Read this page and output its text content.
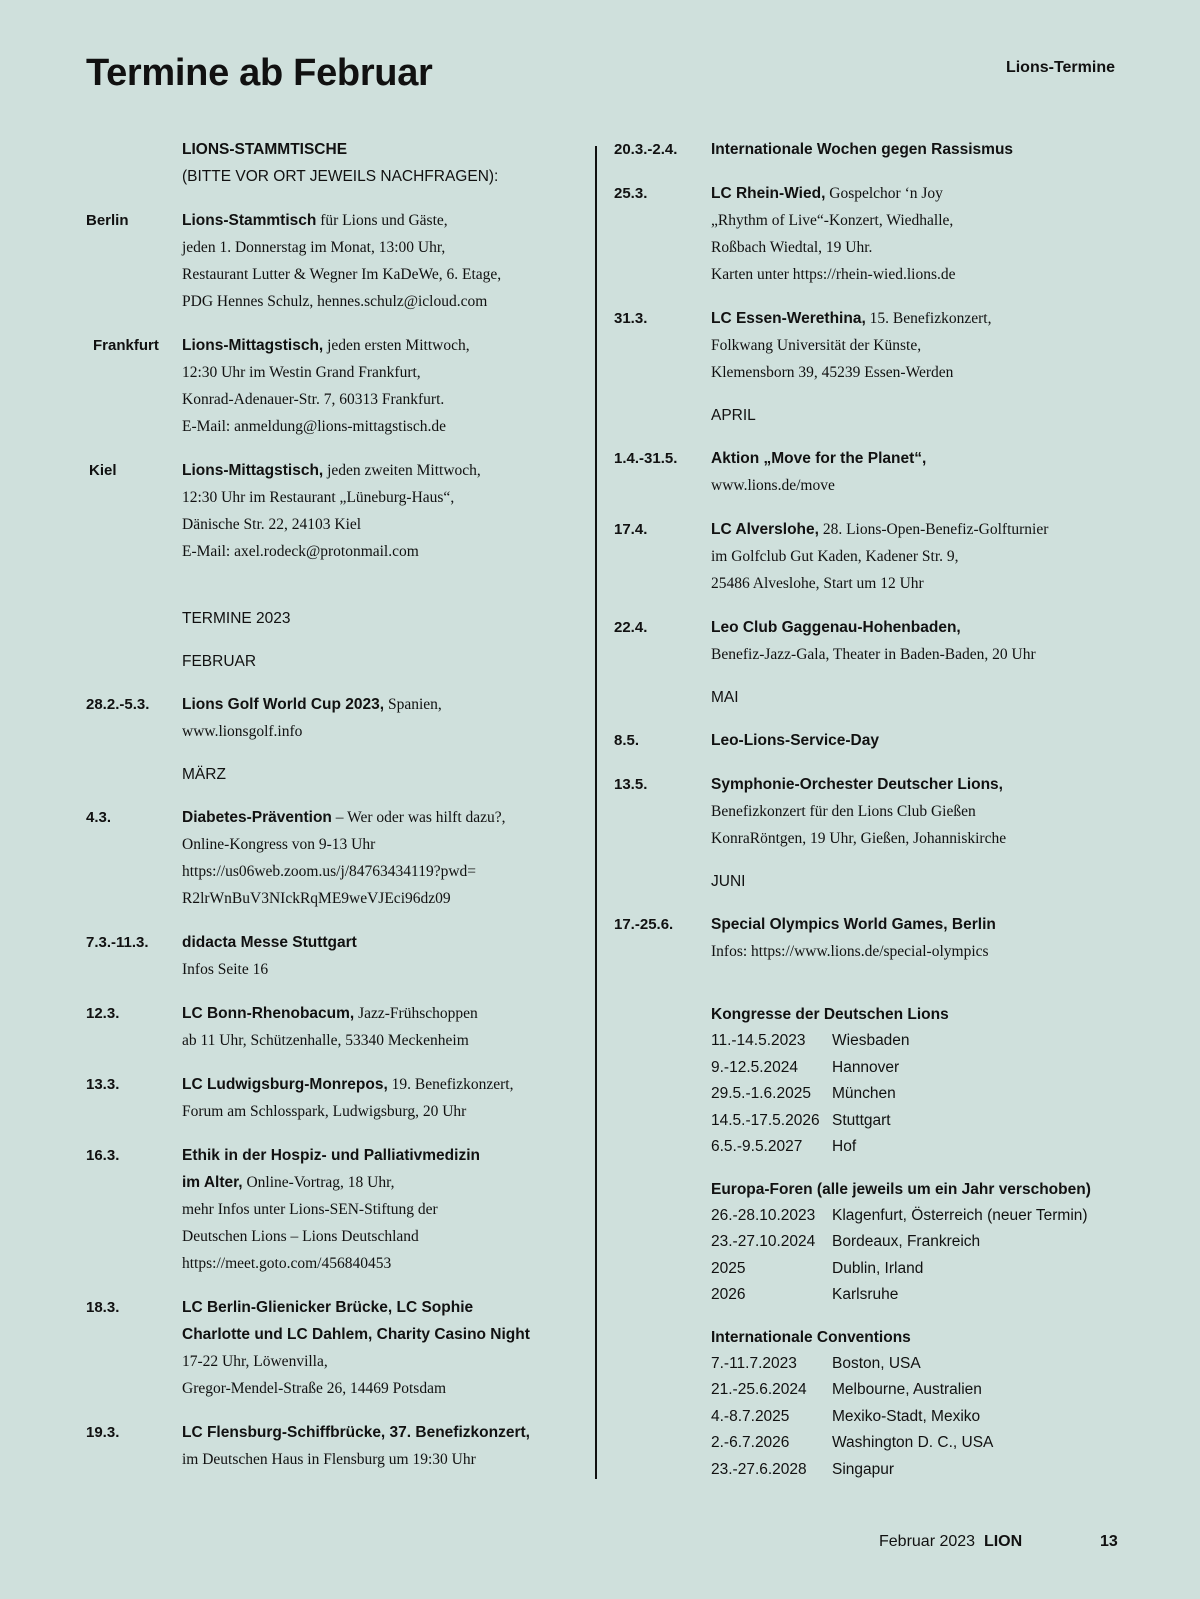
Termine ab Februar	Lions-Termine
LIONS-STAMMTISCHE
(BITTE VOR ORT JEWEILS NACHFRAGEN):
Berlin	Lions-Stammtisch für Lions und Gäste,
jeden 1. Donnerstag im Monat, 13:00 Uhr,
Restaurant Lutter & Wegner Im KaDeWe, 6. Etage,
PDG Hennes Schulz, hennes.schulz@icloud.com
Frankfurt	Lions-Mittagstisch, jeden ersten Mittwoch,
12:30 Uhr im Westin Grand Frankfurt,
Konrad-Adenauer-Str. 7, 60313 Frankfurt.
E-Mail: anmeldung@lions-mittagstisch.de
Kiel	Lions-Mittagstisch, jeden zweiten Mittwoch,
12:30 Uhr im Restaurant „Lüneburg-Haus“,
Dänische Str. 22, 24103 Kiel
E-Mail: axel.rodeck@protonmail.com
TERMINE 2023
FEBRUAR
28.2.-5.3.	Lions Golf World Cup 2023, Spanien,
www.lionsgolf.info
MÄRZ
4.3.	Diabetes-Prävention – Wer oder was hilft dazu?,
Online-Kongress von 9-13 Uhr
https://us06web.zoom.us/j/84763434119?pwd=
R2lrWnBuV3NIckRqME9weVJEci96dz09
7.3.-11.3.	didacta Messe Stuttgart
Infos Seite 16
12.3.	LC Bonn-Rhenobacum, Jazz-Frühschoppen
ab 11 Uhr, Schützenhalle, 53340 Meckenheim
13.3.	LC Ludwigsburg-Monrepos, 19. Benefizkonzert,
Forum am Schlosspark, Ludwigsburg, 20 Uhr
16.3.	Ethik in der Hospiz- und Palliativmedizin
im Alter, Online-Vortrag, 18 Uhr,
mehr Infos unter Lions-SEN-Stiftung der
Deutschen Lions – Lions Deutschland
https://meet.goto.com/456840453
18.3.	LC Berlin-Glienicker Brücke, LC Sophie
Charlotte und LC Dahlem, Charity Casino Night
17-22 Uhr, Löwenvilla,
Gregor-Mendel-Straße 26, 14469 Potsdam
19.3.	LC Flensburg-Schiffbrücke, 37. Benefizkonzert,
im Deutschen Haus in Flensburg um 19:30 Uhr
20.3.-2.4.	Internationale Wochen gegen Rassismus
25.3.	LC Rhein-Wied, Gospelchor ‘n Joy
„Rhythm of Live“-Konzert, Wiedhalle,
Roßbach Wiedtal, 19 Uhr.
Karten unter https://rhein-wied.lions.de
31.3.	LC Essen-Werethina, 15. Benefizkonzert,
Folkwang Universität der Künste,
Klemensborn 39, 45239 Essen-Werden
APRIL
1.4.-31.5.	Aktion „Move for the Planet“,
www.lions.de/move
17.4.	LC Alverslohe, 28. Lions-Open-Benefiz-Golfturnier
im Golfclub Gut Kaden, Kadener Str. 9,
25486 Alveslohe, Start um 12 Uhr
22.4.	Leo Club Gaggenau-Hohenbaden,
Benefiz-Jazz-Gala, Theater in Baden-Baden, 20 Uhr
MAI
8.5.	Leo-Lions-Service-Day
13.5.	Symphonie-Orchester Deutscher Lions,
Benefizkonzert für den Lions Club Gießen
KonraRöntgen, 19 Uhr, Gießen, Johanniskirche
JUNI
17.-25.6.	Special Olympics World Games, Berlin
Infos: https://www.lions.de/special-olympics
Kongresse der Deutschen Lions
11.-14.5.2023	Wiesbaden
9.-12.5.2024	Hannover
29.5.-1.6.2025	München
14.5.-17.5.2026 Stuttgart
6.5.-9.5.2027	Hof
Europa-Foren (alle jeweils um ein Jahr verschoben)
26.-28.10.2023	Klagenfurt, Österreich (neuer Termin)
23.-27.10.2024	Bordeaux, Frankreich
2025	Dublin, Irland
2026	Karlsruhe
Internationale Conventions
7.-11.7.2023	Boston, USA
21.-25.6.2024	Melbourne, Australien
4.-8.7.2025	Mexiko-Stadt, Mexiko
2.-6.7.2026	Washington D. C., USA
23.-27.6.2028	Singapur
Februar 2023 LION	13
